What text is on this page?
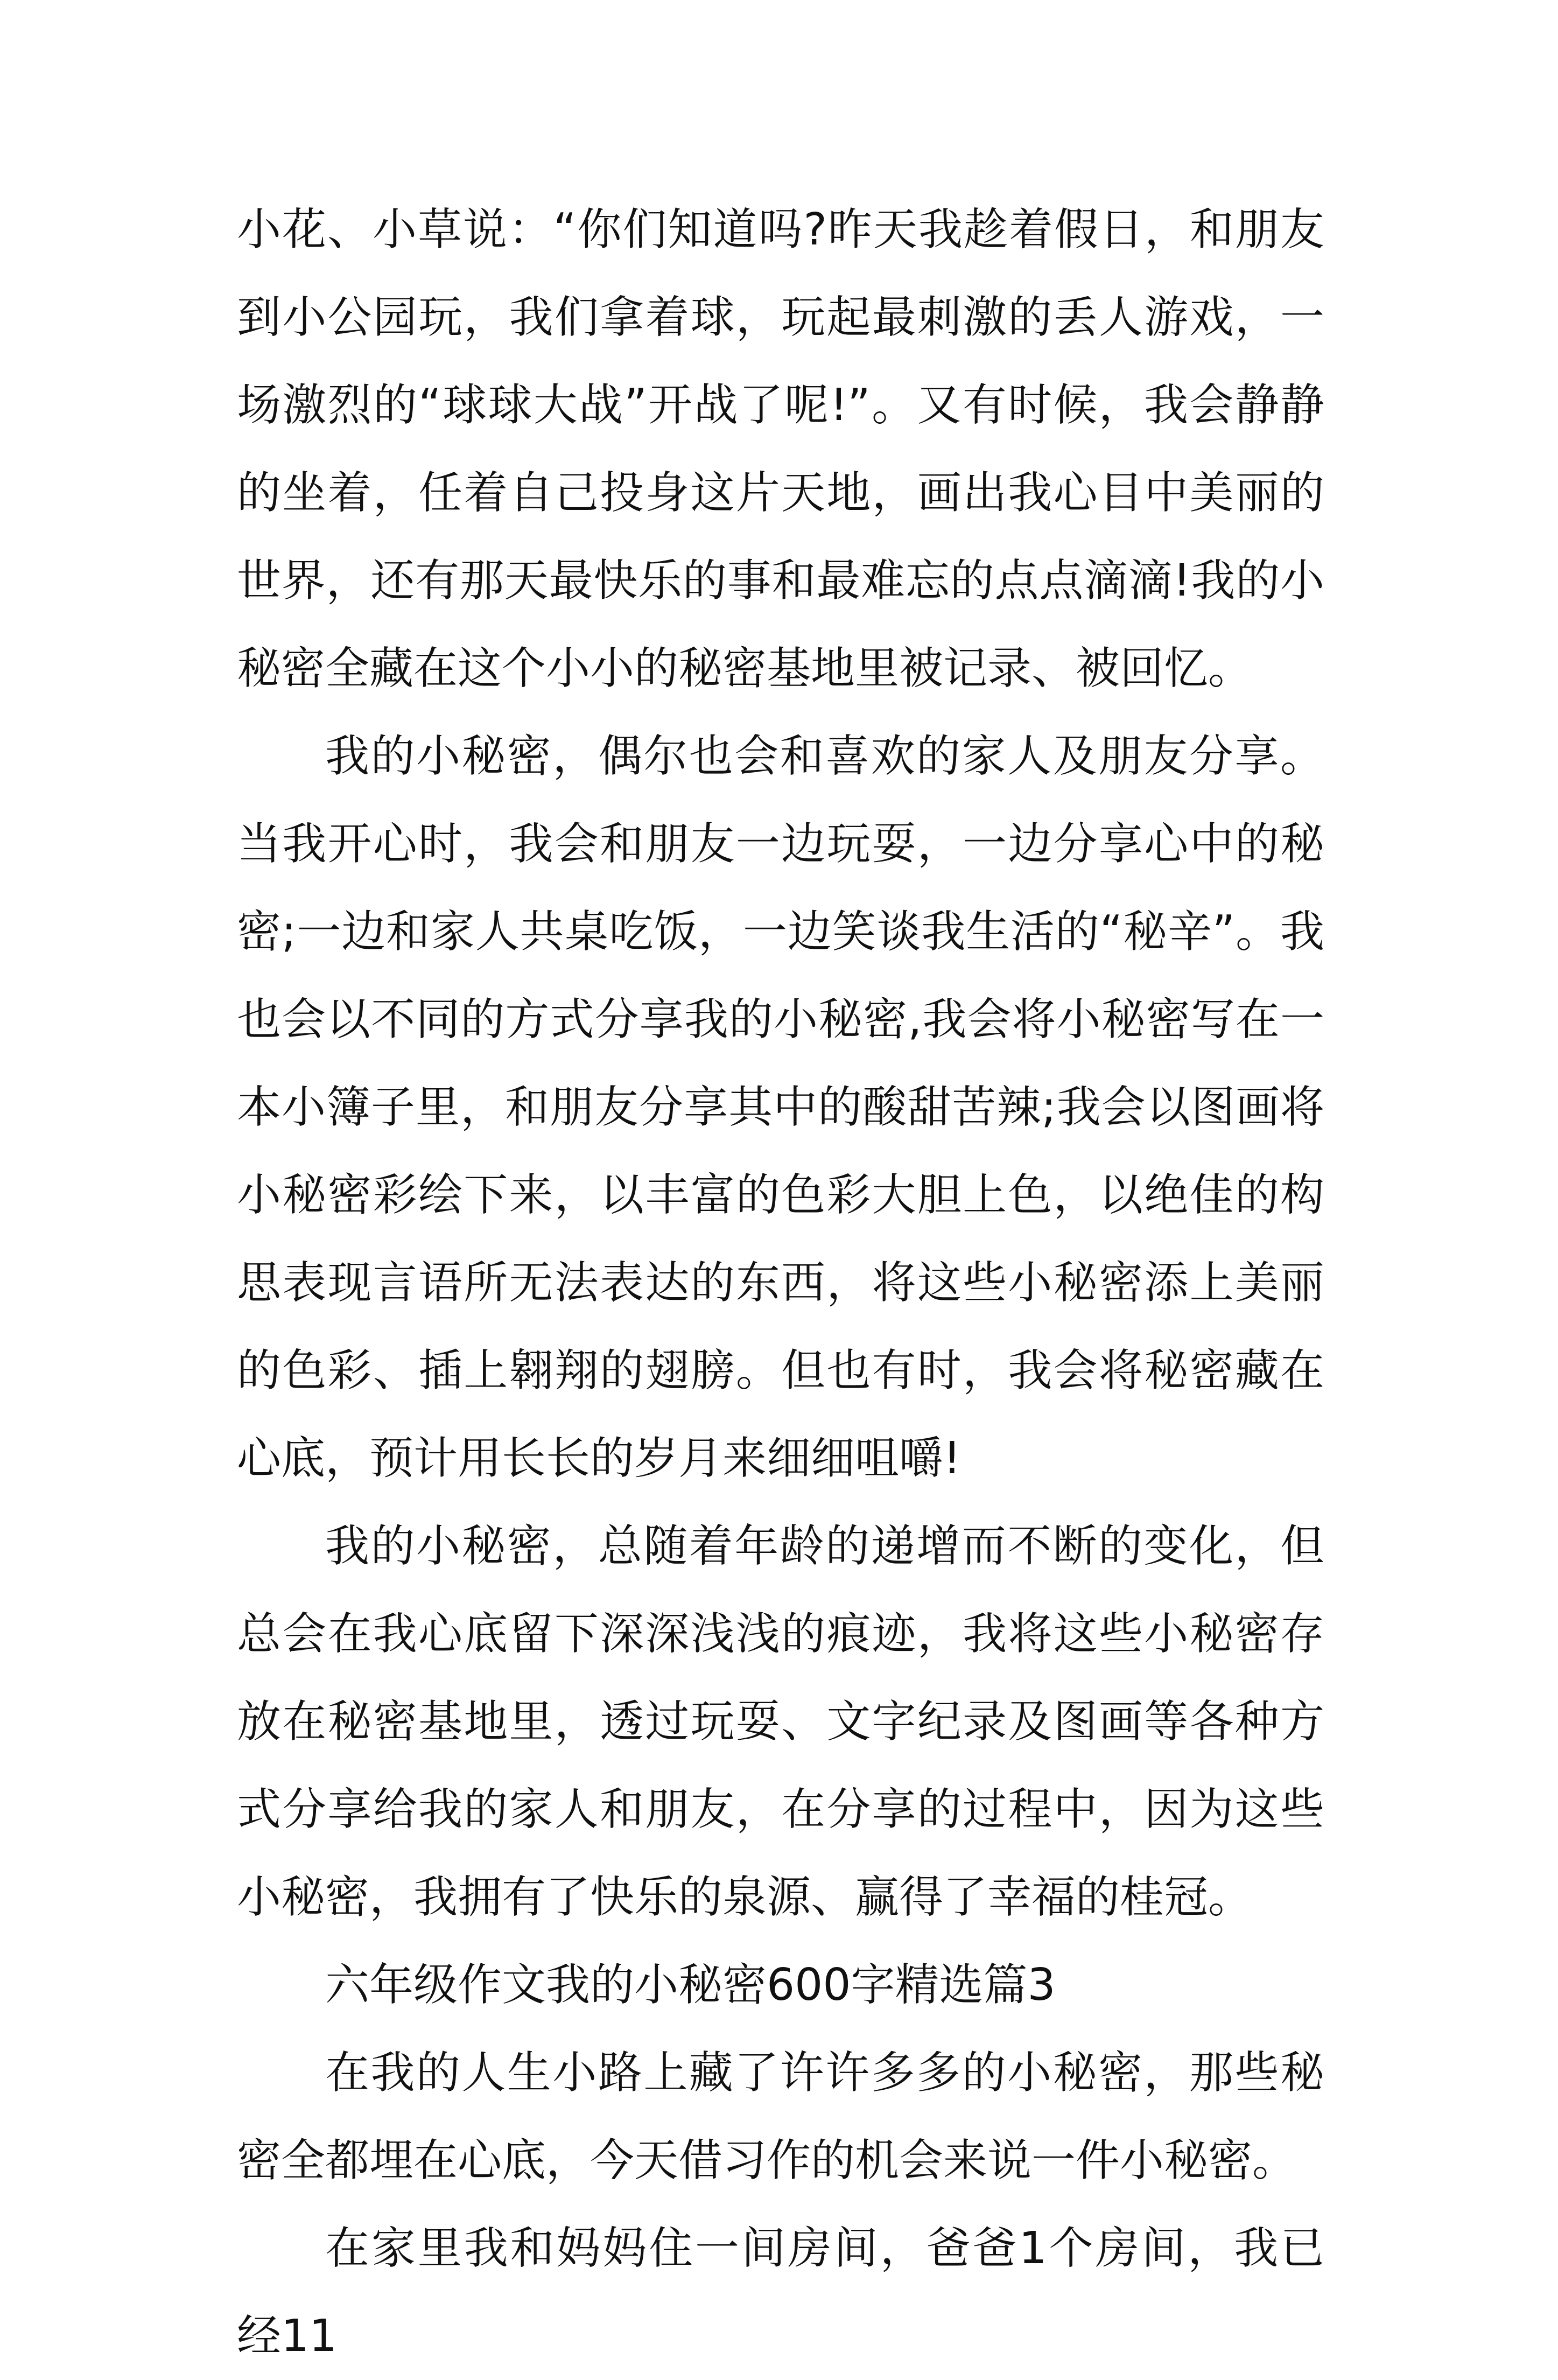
小花、小草说：“你们知道吗?昨天我趁着假日，和朋友到小公园玩，我们拿着球，玩起最刺激的丢人游戏，一场激烈的“球球大战”开战了呢!”。又有时候，我会静静的坐着，任着自己投身这片天地，画出我心目中美丽的世界，还有那天最快乐的事和最难忘的点点滴滴!我的小秘密全藏在这个小小的秘密基地里被记录、被回忆。

我的小秘密，偶尔也会和喜欢的家人及朋友分享。当我开心时，我会和朋友一边玩耍，一边分享心中的秘密;一边和家人共桌吃饭，一边笑谈我生活的“秘辛”。我也会以不同的方式分享我的小秘密,我会将小秘密写在一本小簿子里，和朋友分享其中的酸甜苦辣;我会以图画将小秘密彩绘下来，以丰富的色彩大胆上色，以绝佳的构思表现言语所无法表达的东西，将这些小秘密添上美丽的色彩、插上翱翔的翅膀。但也有时，我会将秘密藏在心底，预计用长长的岁月来细细咀嚼!

我的小秘密，总随着年龄的递增而不断的变化，但总会在我心底留下深深浅浅的痕迹，我将这些小秘密存放在秘密基地里，透过玩耍、文字纪录及图画等各种方式分享给我的家人和朋友，在分享的过程中，因为这些小秘密，我拥有了快乐的泉源、赢得了幸福的桂冠。

六年级作文我的小秘密600字精选篇3

在我的人生小路上藏了许许多多的小秘密，那些秘密全都埋在心底，今天借习作的机会来说一件小秘密。

在家里我和妈妈住一间房间，爸爸1个房间，我已经11
